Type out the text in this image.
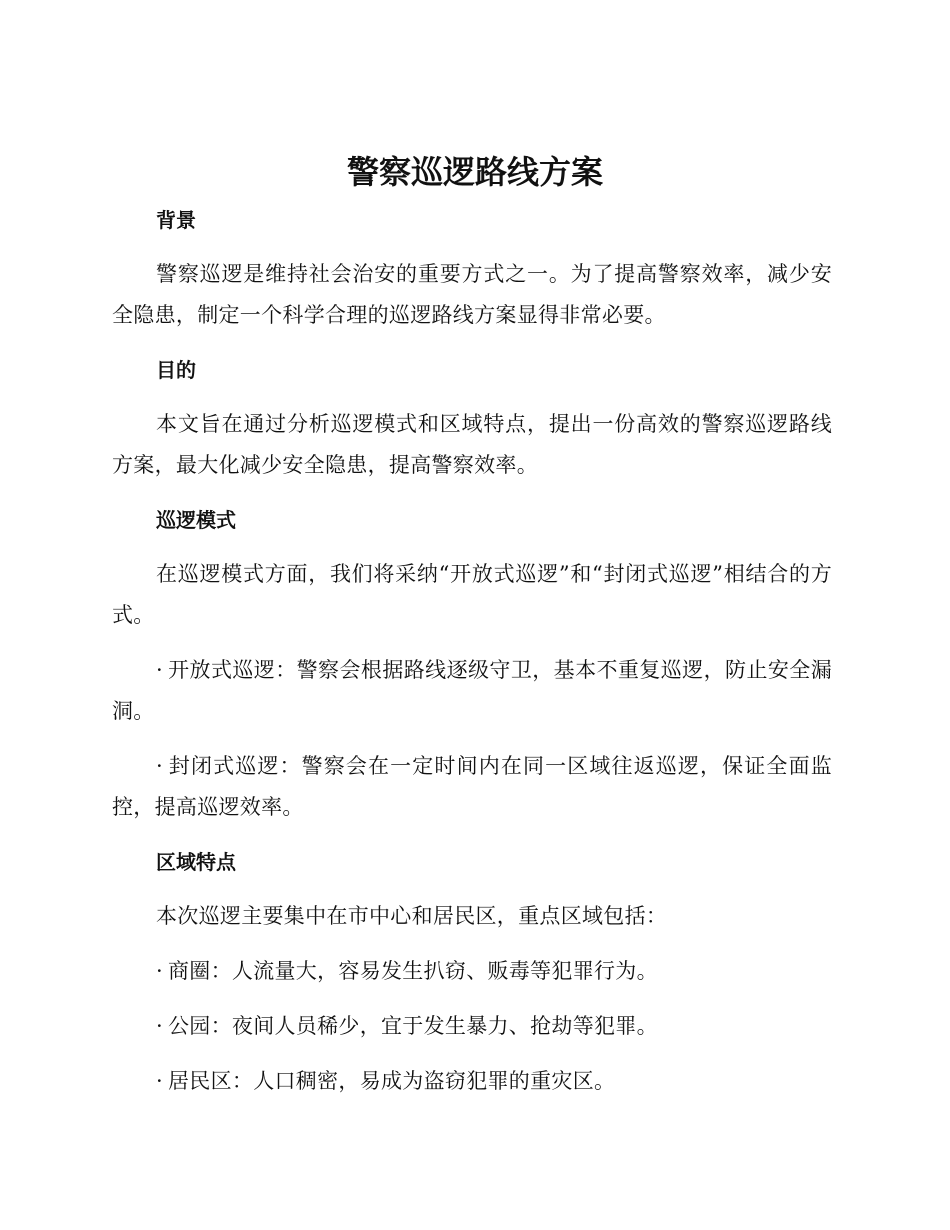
警察巡逻路线方案
背景

警察巡逻是维持社会治安的重要方式之一。为了提高警察效率，减少安全隐患，制定一个科学合理的巡逻路线方案显得非常必要。

目的

本文旨在通过分析巡逻模式和区域特点，提出一份高效的警察巡逻路线方案，最大化减少安全隐患，提高警察效率。

巡逻模式

在巡逻模式方面，我们将采纳“开放式巡逻”和“封闭式巡逻”相结合的方式。

· 开放式巡逻：警察会根据路线逐级守卫，基本不重复巡逻，防止安全漏洞。

· 封闭式巡逻：警察会在一定时间内在同一区域往返巡逻，保证全面监控，提高巡逻效率。

区域特点

本次巡逻主要集中在市中心和居民区，重点区域包括：

· 商圈：人流量大，容易发生扒窃、贩毒等犯罪行为。

· 公园：夜间人员稀少，宜于发生暴力、抢劫等犯罪。

· 居民区：人口稠密，易成为盗窃犯罪的重灾区。
